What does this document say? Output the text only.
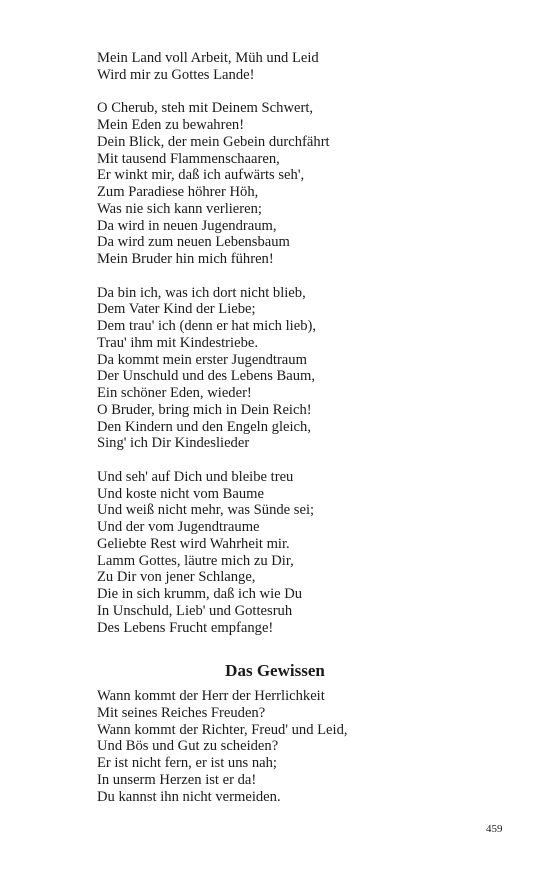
Mein Land voll Arbeit, Müh und Leid
Wird mir zu Gottes Lande!
O Cherub, steh mit Deinem Schwert,
Mein Eden zu bewahren!
Dein Blick, der mein Gebein durchfährt
Mit tausend Flammenschaaren,
Er winkt mir, daß ich aufwärts seh',
Zum Paradiese höhrer Höh,
Was nie sich kann verlieren;
Da wird in neuen Jugendraum,
Da wird zum neuen Lebensbaum
Mein Bruder hin mich führen!
Da bin ich, was ich dort nicht blieb,
Dem Vater Kind der Liebe;
Dem trau' ich (denn er hat mich lieb),
Trau' ihm mit Kindestriebe.
Da kommt mein erster Jugendtraum
Der Unschuld und des Lebens Baum,
Ein schöner Eden, wieder!
O Bruder, bring mich in Dein Reich!
Den Kindern und den Engeln gleich,
Sing' ich Dir Kindeslieder
Und seh' auf Dich und bleibe treu
Und koste nicht vom Baume
Und weiß nicht mehr, was Sünde sei;
Und der vom Jugendtraume
Geliebte Rest wird Wahrheit mir.
Lamm Gottes, läutre mich zu Dir,
Zu Dir von jener Schlange,
Die in sich krumm, daß ich wie Du
In Unschuld, Lieb' und Gottesruh
Des Lebens Frucht empfange!
Das Gewissen
Wann kommt der Herr der Herrlichkeit
Mit seines Reiches Freuden?
Wann kommt der Richter, Freud' und Leid,
Und Bös und Gut zu scheiden?
Er ist nicht fern, er ist uns nah;
In unserm Herzen ist er da!
Du kannst ihn nicht vermeiden.
459
